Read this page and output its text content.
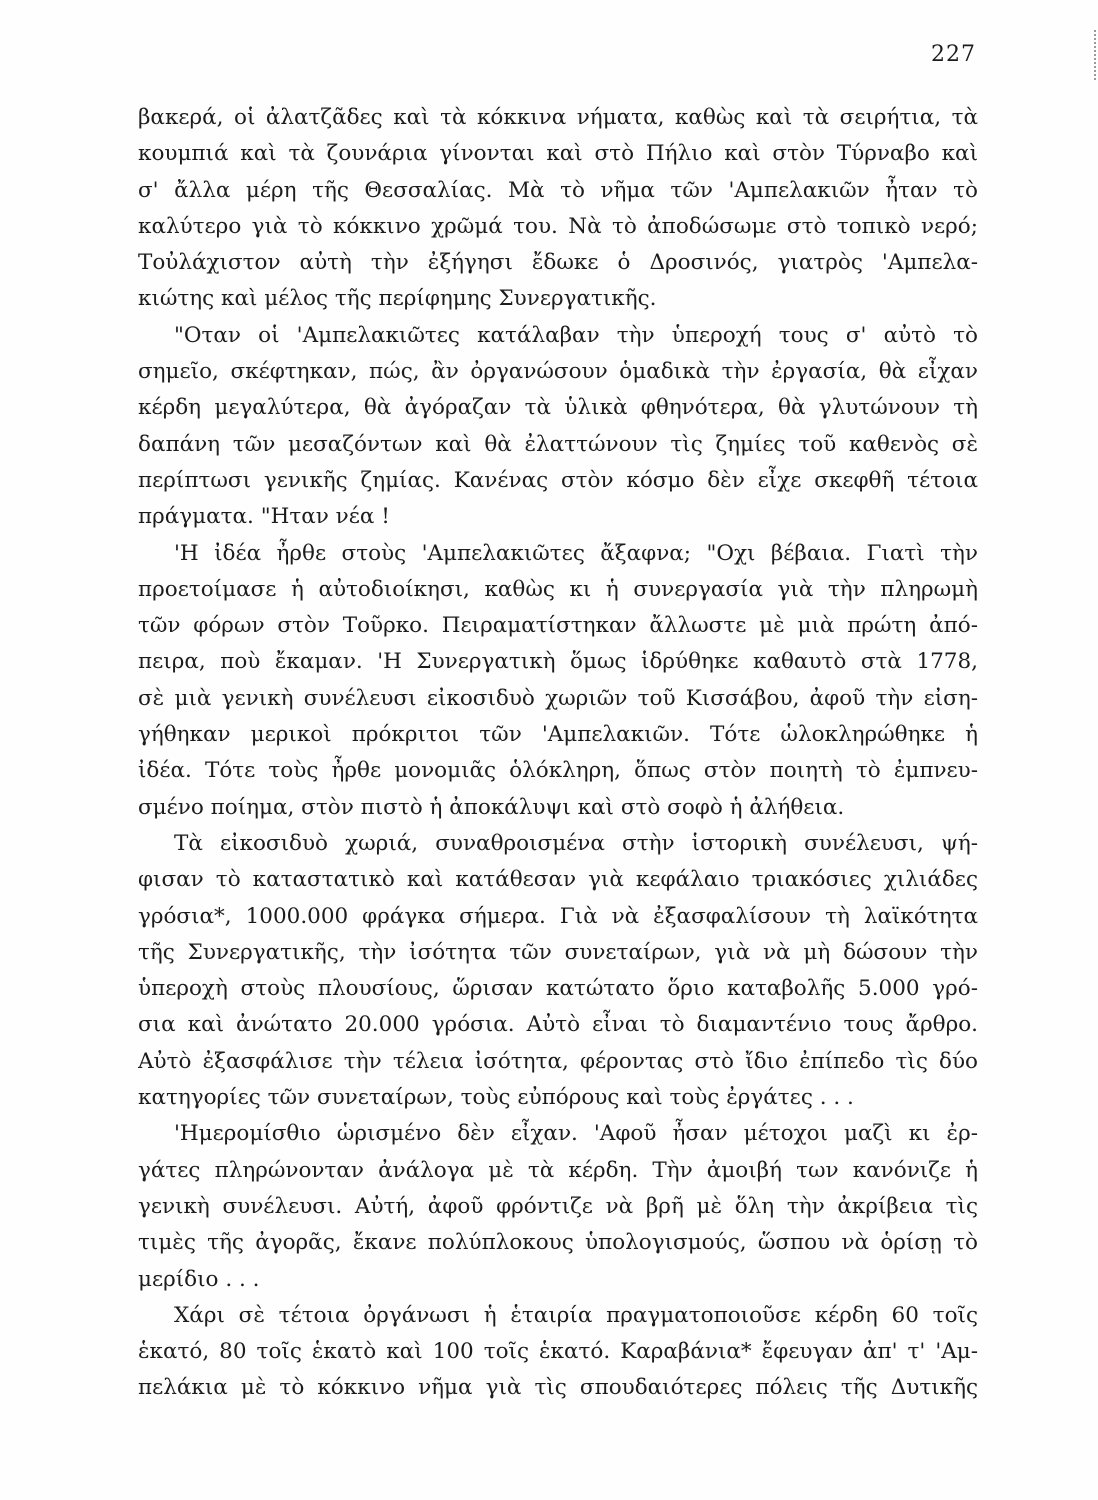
227
βακερά, οἱ ἀλατζᾶδες καὶ τὰ κόκκινα νήματα, καθὼς καὶ τὰ σειρήτια, τὰ
κουμπιά καὶ τὰ ζουνάρια γίνονται καὶ στὸ Πήλιο καὶ στὸν Τύρναβο καὶ
σ' ἄλλα μέρη τῆς Θεσσαλίας. Μὰ τὸ νῆμα τῶν 'Αμπελακιῶν ἦταν τὸ
καλύτερο γιὰ τὸ κόκκινο χρῶμά του. Νὰ τὸ ἀποδώσωμε στὸ τοπικὸ νερό;
Τοὐλάχιστον αὐτὴ τὴν ἐξήγησι ἔδωκε ὁ Δροσινός, γιατρὸς 'Αμπελα-
κιώτης καὶ μέλος τῆς περίφημης Συνεργατικῆς.
"Οταν οἱ 'Αμπελακιῶτες κατάλαβαν τὴν ὑπεροχή τους σ' αὐτὸ τὸ
σημεῖο, σκέφτηκαν, πώς, ἂν ὀργανώσουν ὁμαδικὰ τὴν ἐργασία, θὰ εἶχαν
κέρδη μεγαλύτερα, θὰ ἀγόραζαν τὰ ὑλικὰ φθηνότερα, θὰ γλυτώνουν τὴ
δαπάνη τῶν μεσαζόντων καὶ θὰ ἐλαττώνουν τὶς ζημίες τοῦ καθενὸς σὲ
περίπτωσι γενικῆς ζημίας. Κανένας στὸν κόσμο δὲν εἶχε σκεφθῆ τέτοια
πράγματα. "Ηταν νέα !
'Η ἰδέα ἦρθε στοὺς 'Αμπελακιῶτες ἄξαφνα; "Οχι βέβαια. Γιατὶ τὴν
προετοίμασε ἡ αὐτοδιοίκησι, καθὼς κι ἡ συνεργασία γιὰ τὴν πληρωμὴ
τῶν φόρων στὸν Τοῦρκο. Πειραματίστηκαν ἄλλωστε μὲ μιὰ πρώτη ἀπό-
πειρα, ποὺ ἔκαμαν. 'Η Συνεργατικὴ ὅμως ἱδρύθηκε καθαυτὸ στὰ 1778,
σὲ μιὰ γενικὴ συνέλευσι εἰκοσιδυὸ χωριῶν τοῦ Κισσάβου, ἀφοῦ τὴν εἰση-
γήθηκαν μερικοὶ πρόκριτοι τῶν 'Αμπελακιῶν. Τότε ὡλοκληρώθηκε ἡ
ἰδέα. Τότε τοὺς ἦρθε μονομιᾶς ὁλόκληρη, ὅπως στὸν ποιητὴ τὸ ἐμπνευ-
σμένο ποίημα, στὸν πιστὸ ἡ ἀποκάλυψι καὶ στὸ σοφὸ ἡ ἀλήθεια.
Τὰ εἰκοσιδυὸ χωριά, συναθροισμένα στὴν ἱστορικὴ συνέλευσι, ψή-
φισαν τὸ καταστατικὸ καὶ κατάθεσαν γιὰ κεφάλαιο τριακόσιες χιλιάδες
γρόσια*, 1000.000 φράγκα σήμερα. Γιὰ νὰ ἐξασφαλίσουν τὴ λαϊκότητα
τῆς Συνεργατικῆς, τὴν ἰσότητα τῶν συνεταίρων, γιὰ νὰ μὴ δώσουν τὴν
ὑπεροχὴ στοὺς πλουσίους, ὥρισαν κατώτατο ὅριο καταβολῆς 5.000 γρό-
σια καὶ ἀνώτατο 20.000 γρόσια. Αὐτὸ εἶναι τὸ διαμαντένιο τους ἄρθρο.
Αὐτὸ ἐξασφάλισε τὴν τέλεια ἰσότητα, φέροντας στὸ ἴδιο ἐπίπεδο τὶς δύο
κατηγορίες τῶν συνεταίρων, τοὺς εὐπόρους καὶ τοὺς ἐργάτες . . .
'Ημερομίσθιο ὡρισμένο δὲν εἶχαν. 'Αφοῦ ἦσαν μέτοχοι μαζὶ κι ἐρ-
γάτες πληρώνονταν ἀνάλογα μὲ τὰ κέρδη. Τὴν ἀμοιβή των κανόνιζε ἡ
γενικὴ συνέλευσι. Αὐτή, ἀφοῦ φρόντιζε νὰ βρῆ μὲ ὅλη τὴν ἀκρίβεια τὶς
τιμὲς τῆς ἀγορᾶς, ἔκανε πολύπλοκους ὑπολογισμούς, ὥσπου νὰ ὁρίσῃ τὸ
μερίδιο . . .
Χάρι σὲ τέτοια ὀργάνωσι ἡ ἑταιρία πραγματοποιοῦσε κέρδη 60 τοῖς
ἑκατό, 80 τοῖς ἑκατὸ καὶ 100 τοῖς ἑκατό. Καραβάνια* ἔφευγαν ἀπ' τ' 'Αμ-
πελάκια μὲ τὸ κόκκινο νῆμα γιὰ τὶς σπουδαιότερες πόλεις τῆς Δυτικῆς
